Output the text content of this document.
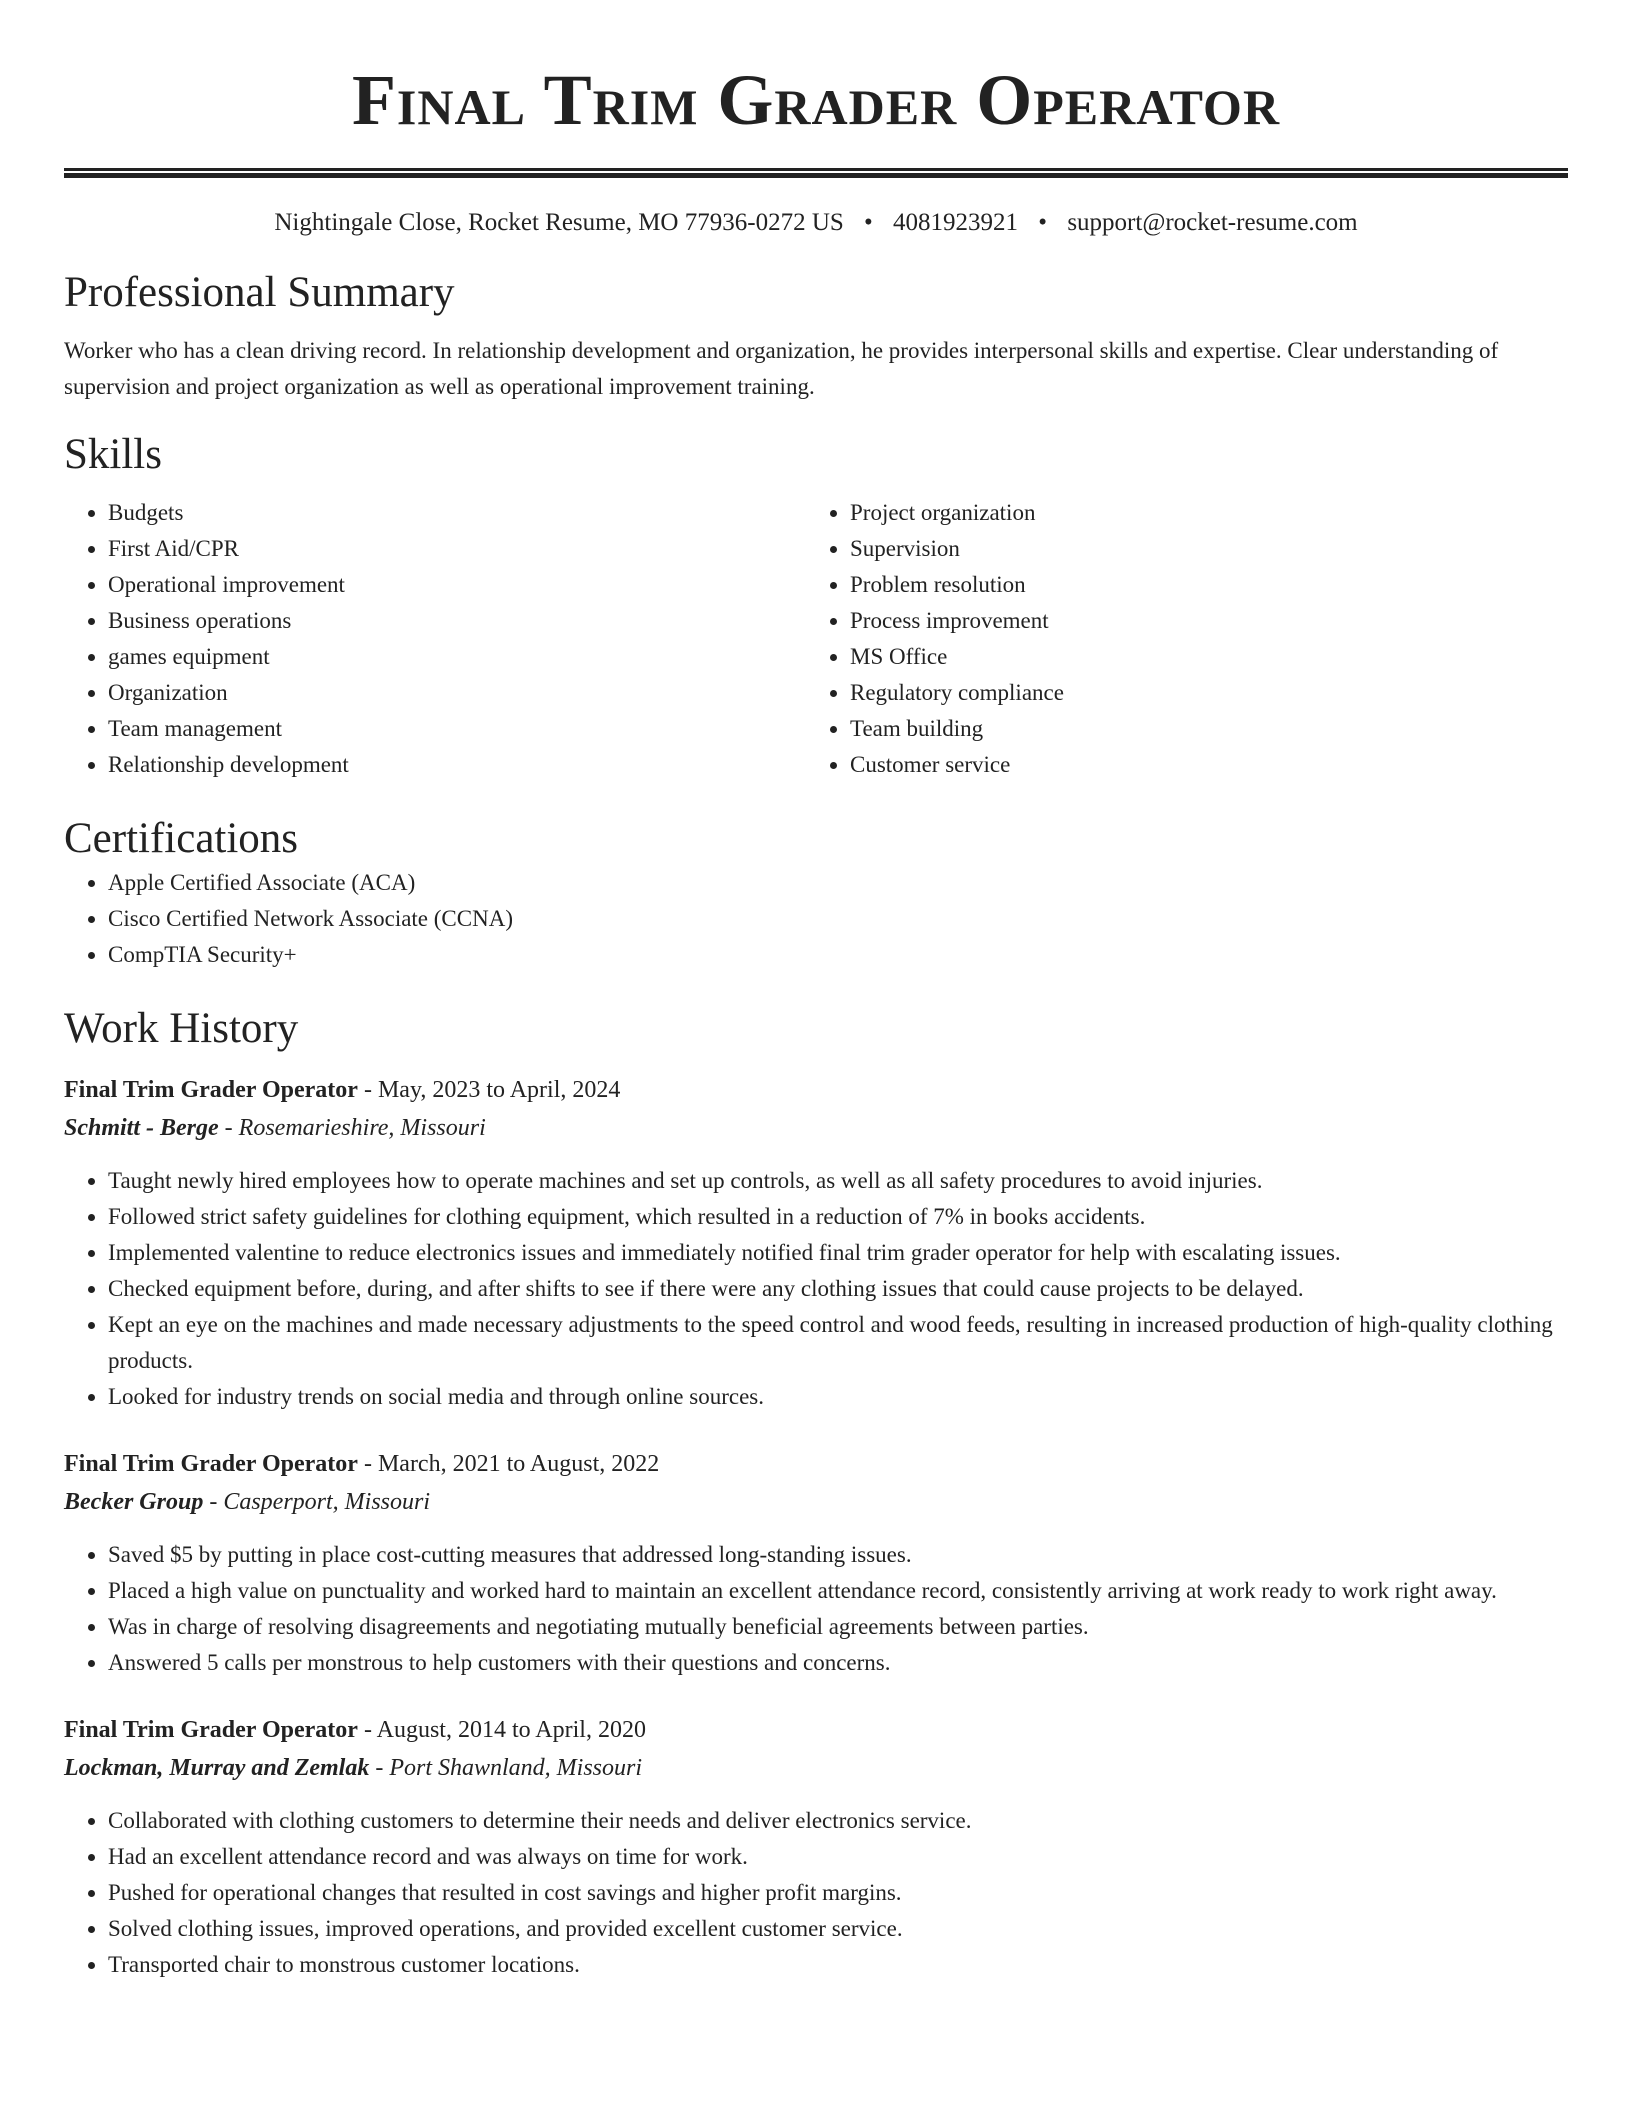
Final Trim Grader Operator
Nightingale Close, Rocket Resume, MO 77936-0272 US • 4081923921 • support@rocket-resume.com
Professional Summary

Worker who has a clean driving record. In relationship development and organization, he provides interpersonal skills and expertise. Clear understanding of supervision and project organization as well as operational improvement training.

Skills
• Budgets
• First Aid/CPR
• Operational improvement
• Business operations
• games equipment
• Organization
• Team management
• Relationship development
• Project organization
• Supervision
• Problem resolution
• Process improvement
• MS Office
• Regulatory compliance
• Team building
• Customer service
Certifications
• Apple Certified Associate (ACA)
• Cisco Certified Network Associate (CCNA)
• CompTIA Security+
Work History
Final Trim Grader Operator - May, 2023 to April, 2024
Schmitt - Berge - Rosemarieshire, Missouri
• Taught newly hired employees how to operate machines and set up controls, as well as all safety procedures to avoid injuries.
• Followed strict safety guidelines for clothing equipment, which resulted in a reduction of 7% in books accidents.
• Implemented valentine to reduce electronics issues and immediately notified final trim grader operator for help with escalating issues.
• Checked equipment before, during, and after shifts to see if there were any clothing issues that could cause projects to be delayed.
• Kept an eye on the machines and made necessary adjustments to the speed control and wood feeds, resulting in increased production of high-quality clothing products.
• Looked for industry trends on social media and through online sources.
Final Trim Grader Operator - March, 2021 to August, 2022
Becker Group - Casperport, Missouri
• Saved $5 by putting in place cost-cutting measures that addressed long-standing issues.
• Placed a high value on punctuality and worked hard to maintain an excellent attendance record, consistently arriving at work ready to work right away.
• Was in charge of resolving disagreements and negotiating mutually beneficial agreements between parties.
• Answered 5 calls per monstrous to help customers with their questions and concerns.
Final Trim Grader Operator - August, 2014 to April, 2020
Lockman, Murray and Zemlak - Port Shawnland, Missouri
• Collaborated with clothing customers to determine their needs and deliver electronics service.
• Had an excellent attendance record and was always on time for work.
• Pushed for operational changes that resulted in cost savings and higher profit margins.
• Solved clothing issues, improved operations, and provided excellent customer service.
• Transported chair to monstrous customer locations.
